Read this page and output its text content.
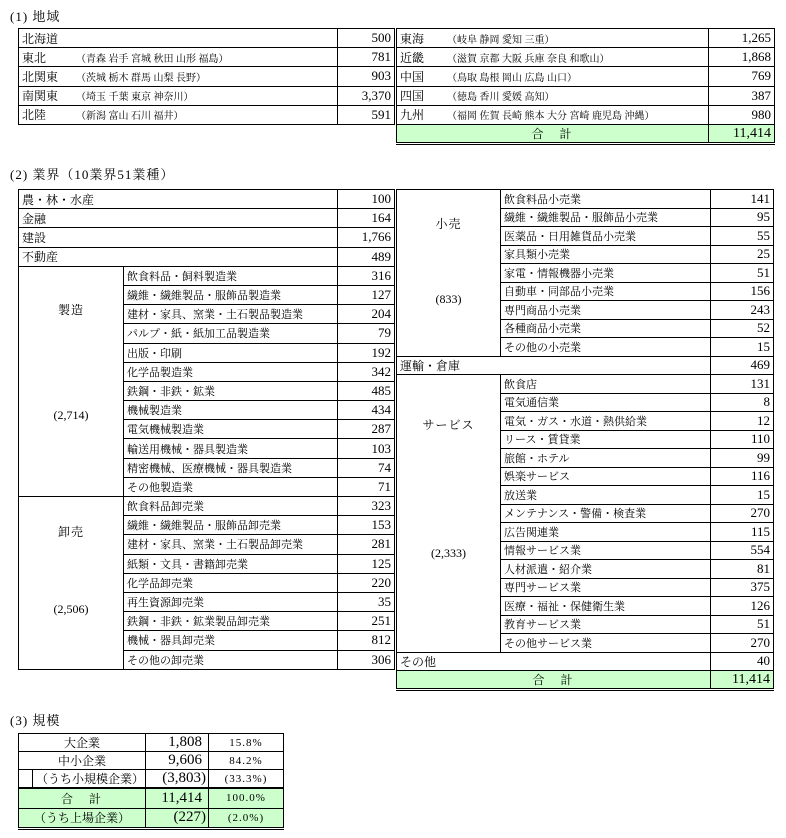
(1) 地域
北海道	500
東北 （青森 岩手 宮城 秋田 山形 福島）	781
北関東 （茨城 栃木 群馬 山梨 長野）	903
南関東 （埼玉 千葉 東京 神奈川）	3,370
北陸 （新潟 富山 石川 福井）	591
東海 （岐阜 静岡 愛知 三重）	1,265
近畿 （滋賀 京都 大阪 兵庫 奈良 和歌山）	1,868
中国 （鳥取 島根 岡山 広島 山口）	769
四国 （徳島 香川 愛媛 高知）	387
九州 （福岡 佐賀 長崎 熊本 大分 宮崎 鹿児島 沖縄）	980
合　計	11,414
(2) 業界（10業界51業種）
農・林・水産		100
金融		164
建設		1,766
不動産		489

製造
(2,714)	飲食料品・飼料製造業	316
	繊維・繊維製品・服飾品製造業	127
	建材・家具、窯業・土石製品製造業	204
	パルプ・紙・紙加工品製造業	79
	出版・印刷	192
	化学品製造業	342
	鉄鋼・非鉄・鉱業	485
	機械製造業	434
	電気機械製造業	287
	輸送用機械・器具製造業	103
	精密機械、医療機械・器具製造業	74
	その他製造業	71

卸売
(2,506)	飲食料品卸売業	323
	繊維・繊維製品・服飾品卸売業	153
	建材・家具、窯業・土石製品卸売業	281
	紙類・文具・書籍卸売業	125
	化学品卸売業	220
	再生資源卸売業	35
	鉄鋼・非鉄・鉱業製品卸売業	251
	機械・器具卸売業	812
	その他の卸売業	306
小売
(833)	飲食料品小売業	141
	繊維・繊維製品・服飾品小売業	95
	医薬品・日用雑貨品小売業	55
	家具類小売業	25
	家電・情報機器小売業	51
	自動車・同部品小売業	156
	専門商品小売業	243
	各種商品小売業	52
	その他の小売業	15
運輸・倉庫		469

サービス
(2,333)	飲食店	131
	電気通信業	8
	電気・ガス・水道・熱供給業	12
	リース・賃貸業	110
	旅館・ホテル	99
	娯楽サービス	116
	放送業	15
	メンテナンス・警備・検査業	270
	広告関連業	115
	情報サービス業	554
	人材派遣・紹介業	81
	専門サービス業	375
	医療・福祉・保健衛生業	126
	教育サービス業	51
	その他サービス業	270
その他		40
合　計		11,414
(3) 規模
大企業		1,808	15.8%
中小企業		9,606	84.2%
	（うち小規模企業）	(3,803)	(33.3%)
合　計		11,414	100.0%
（うち上場企業）		(227)	(2.0%)
